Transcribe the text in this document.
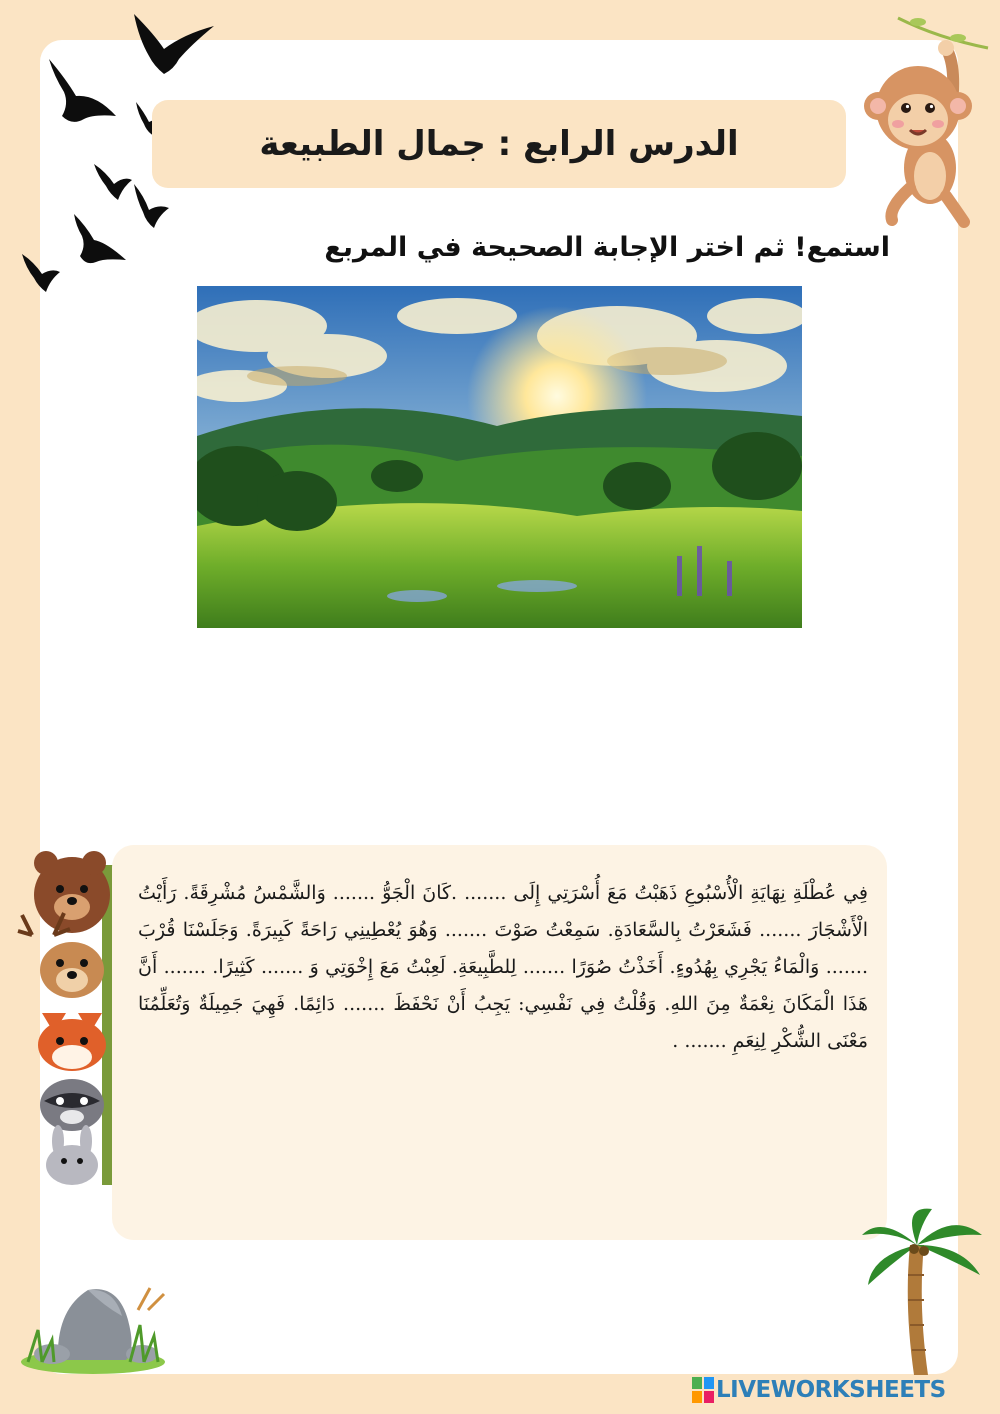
الدرس الرابع : جمال الطبيعة
استمع! ثم اختر الإجابة الصحيحة في المربع
فِي عُطْلَةِ نِهَايَةِ الْأُسْبُوعِ ذَهَبْتُ مَعَ أُسْرَتِي إِلَى ....... .كَانَ الْجَوُّ ....... وَالشَّمْسُ مُشْرِقَةً. رَأَيْتُ الْأَشْجَارَ ....... فَشَعَرْتُ بِالسَّعَادَةِ. سَمِعْتُ صَوْتَ ....... وَهُوَ يُعْطِينِي رَاحَةً كَبِيرَةً. وَجَلَسْنَا قُرْبَ ....... وَالْمَاءُ يَجْرِي بِهُدُوءٍ. أَخَذْتُ صُوَرًا ....... لِلطَّبِيعَةِ. لَعِبْتُ مَعَ إِخْوَتِي وَ ....... كَثِيرًا. ....... أَنَّ هَذَا الْمَكَانَ نِعْمَةٌ مِنَ اللهِ. وَقُلْتُ فِي نَفْسِي: يَجِبُ أَنْ نَحْفَظَ ....... دَائِمًا. فَهِيَ جَمِيلَةٌ وَتُعَلِّمُنَا مَعْنَى الشُّكْرِ لِنِعَمِ ....... .
LIVEWORKSHEETS
